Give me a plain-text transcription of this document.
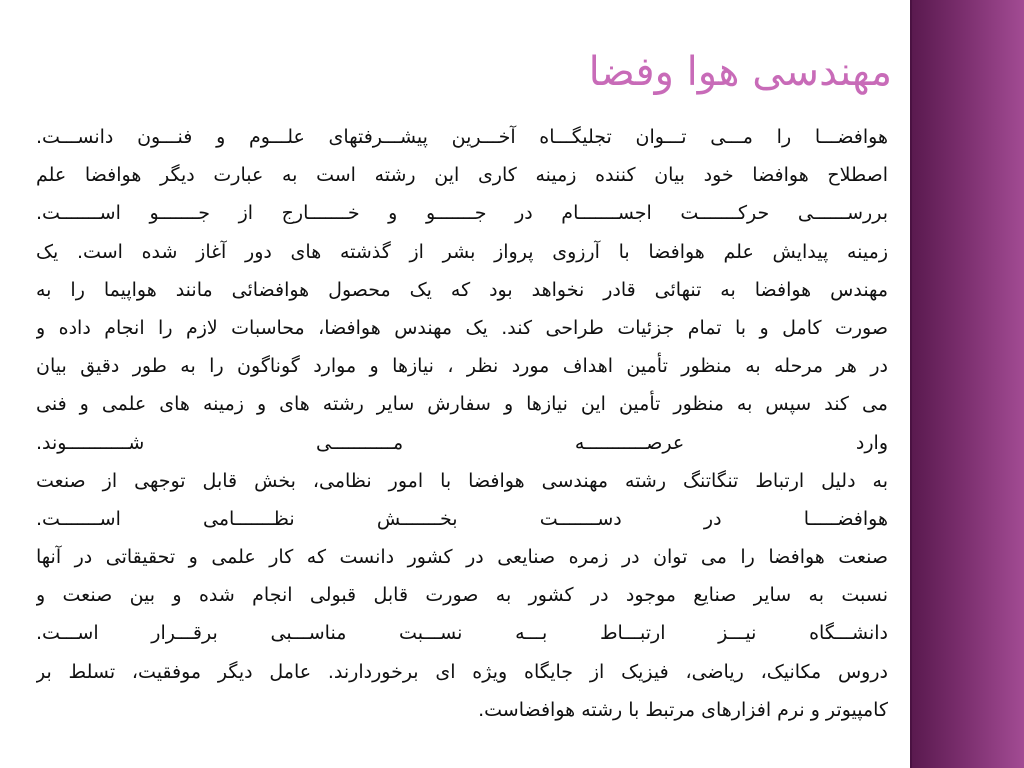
مهندسی هوا وفضا
هوافضـــا را مـــی تـــوان تجلیگـــاه آخـــرین پیشـــرفتهای علـــوم و فنـــون دانســـت.
اصطلاح هوافضا خود بیان کننده زمینه کاری این رشته است به عبارت دیگر هوافضا علم
بررســــــی حرکـــــــت اجســـــــام در جـــــــو و خـــــــارج از جـــــــو اســـــــت.
زمینه پیدایش علم هوافضا با آرزوی پرواز بشر از گذشته های دور آغاز شده است. یک
مهندس هوافضا به تنهائی قادر نخواهد بود که یک محصول هوافضائی مانند هواپیما را به
صورت کامل و با تمام جزئیات طراحی کند. یک مهندس هوافضا، محاسبات لازم را انجام داده و
در هر مرحله به منظور تأمین اهداف مورد نظر ، نیازها و موارد گوناگون را به طور دقیق بیان
می کند سپس به منظور تأمین این نیازها و سفارش سایر رشته های و زمینه های علمی و فنی
وارد عرصـــــــــــه مـــــــــــی شـــــــــــوند.
به دلیل ارتباط تنگاتنگ رشته مهندسی هوافضا با امور نظامی، بخش قابل توجهی از صنعت
هوافضـــــا در دســـــــت بخـــــــش نظـــــــامی اســـــــت.
صنعت هوافضا را می توان در زمره صنایعی در کشور دانست که کار علمی و تحقیقاتی در آنها
نسبت به سایر صنایع موجود در کشور به صورت قابل قبولی انجام شده و بین صنعت و
دانشـــگاه نیـــز ارتبـــاط بـــه نســـبت مناســـبی برقـــرار اســـت.
دروس مکانیک، ریاضی، فیزیک از جایگاه ویژه ای برخوردارند. عامل دیگر موفقیت، تسلط بر
کامپیوتر و نرم افزارهای مرتبط با رشته هوافضاست.
